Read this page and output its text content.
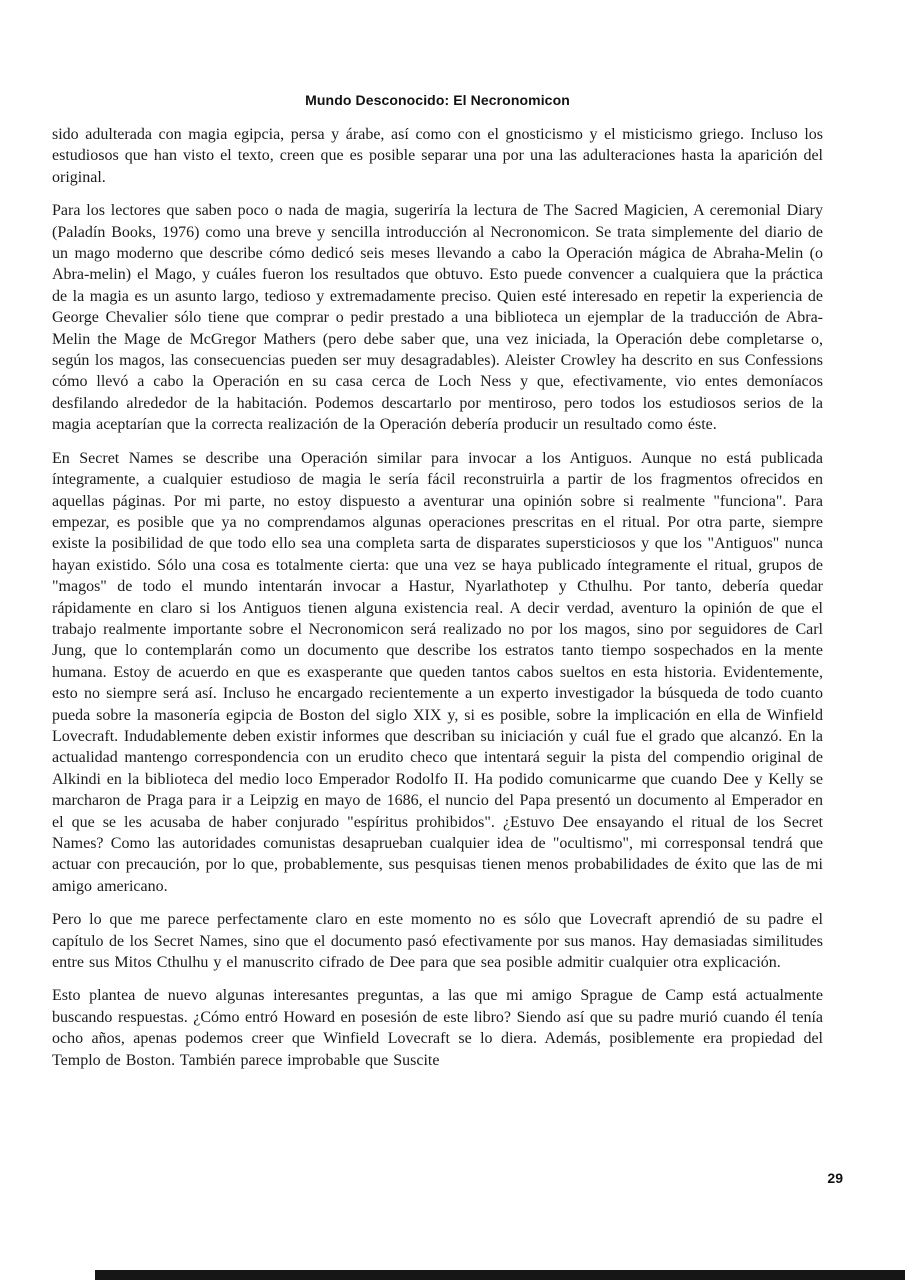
Mundo Desconocido: El Necronomicon

sido adulterada con magia egipcia, persa y árabe, así como con el gnosticismo y el misticismo griego. Incluso los estudiosos que han visto el texto, creen que es posible separar una por una las adulteraciones hasta la aparición del original.

Para los lectores que saben poco o nada de magia, sugeriría la lectura de The Sacred Magicien, A ceremonial Diary (Paladín Books, 1976) como una breve y sencilla introducción al Necronomicon. Se trata simplemente del diario de un mago moderno que describe cómo dedicó seis meses llevando a cabo la Operación mágica de Abraha-Melin (o Abra-melin) el Mago, y cuáles fueron los resultados que obtuvo. Esto puede convencer a cualquiera que la práctica de la magia es un asunto largo, tedioso y extremadamente preciso. Quien esté interesado en repetir la experiencia de George Chevalier sólo tiene que comprar o pedir prestado a una biblioteca un ejemplar de la traducción de Abra-Melin the Mage de McGregor Mathers (pero debe saber que, una vez iniciada, la Operación debe completarse o, según los magos, las consecuencias pueden ser muy desagradables). Aleister Crowley ha descrito en sus Confessions cómo llevó a cabo la Operación en su casa cerca de Loch Ness y que, efectivamente, vio entes demoníacos desfilando alrededor de la habitación. Podemos descartarlo por mentiroso, pero todos los estudiosos serios de la magia aceptarían que la correcta realización de la Operación debería producir un resultado como éste.

En Secret Names se describe una Operación similar para invocar a los Antiguos. Aunque no está publicada íntegramente, a cualquier estudioso de magia le sería fácil reconstruirla a partir de los fragmentos ofrecidos en aquellas páginas. Por mi parte, no estoy dispuesto a aventurar una opinión sobre si realmente "funciona". Para empezar, es posible que ya no comprendamos algunas operaciones prescritas en el ritual. Por otra parte, siempre existe la posibilidad de que todo ello sea una completa sarta de disparates supersticiosos y que los "Antiguos" nunca hayan existido. Sólo una cosa es totalmente cierta: que una vez se haya publicado íntegramente el ritual, grupos de "magos" de todo el mundo intentarán invocar a Hastur, Nyarlathotep y Cthulhu. Por tanto, debería quedar rápidamente en claro si los Antiguos tienen alguna existencia real. A decir verdad, aventuro la opinión de que el trabajo realmente importante sobre el Necronomicon será realizado no por los magos, sino por seguidores de Carl Jung, que lo contemplarán como un documento que describe los estratos tanto tiempo sospechados en la mente humana. Estoy de acuerdo en que es exasperante que queden tantos cabos sueltos en esta historia. Evidentemente, esto no siempre será así. Incluso he encargado recientemente a un experto investigador la búsqueda de todo cuanto pueda sobre la masonería egipcia de Boston del siglo XIX y, si es posible, sobre la implicación en ella de Winfield Lovecraft. Indudablemente deben existir informes que describan su iniciación y cuál fue el grado que alcanzó. En la actualidad mantengo correspondencia con un erudito checo que intentará seguir la pista del compendio original de Alkindi en la biblioteca del medio loco Emperador Rodolfo II. Ha podido comunicarme que cuando Dee y Kelly se marcharon de Praga para ir a Leipzig en mayo de 1686, el nuncio del Papa presentó un documento al Emperador en el que se les acusaba de haber conjurado "espíritus prohibidos". ¿Estuvo Dee ensayando el ritual de los Secret Names? Como las autoridades comunistas desaprueban cualquier idea de "ocultismo", mi corresponsal tendrá que actuar con precaución, por lo que, probablemente, sus pesquisas tienen menos probabilidades de éxito que las de mi amigo americano.

Pero lo que me parece perfectamente claro en este momento no es sólo que Lovecraft aprendió de su padre el capítulo de los Secret Names, sino que el documento pasó efectivamente por sus manos. Hay demasiadas similitudes entre sus Mitos Cthulhu y el manuscrito cifrado de Dee para que sea posible admitir cualquier otra explicación.

Esto plantea de nuevo algunas interesantes preguntas, a las que mi amigo Sprague de Camp está actualmente buscando respuestas. ¿Cómo entró Howard en posesión de este libro? Siendo así que su padre murió cuando él tenía ocho años, apenas podemos creer que Winfield Lovecraft se lo diera. Además, posiblemente era propiedad del Templo de Boston. También parece improbable que Suscite

29
